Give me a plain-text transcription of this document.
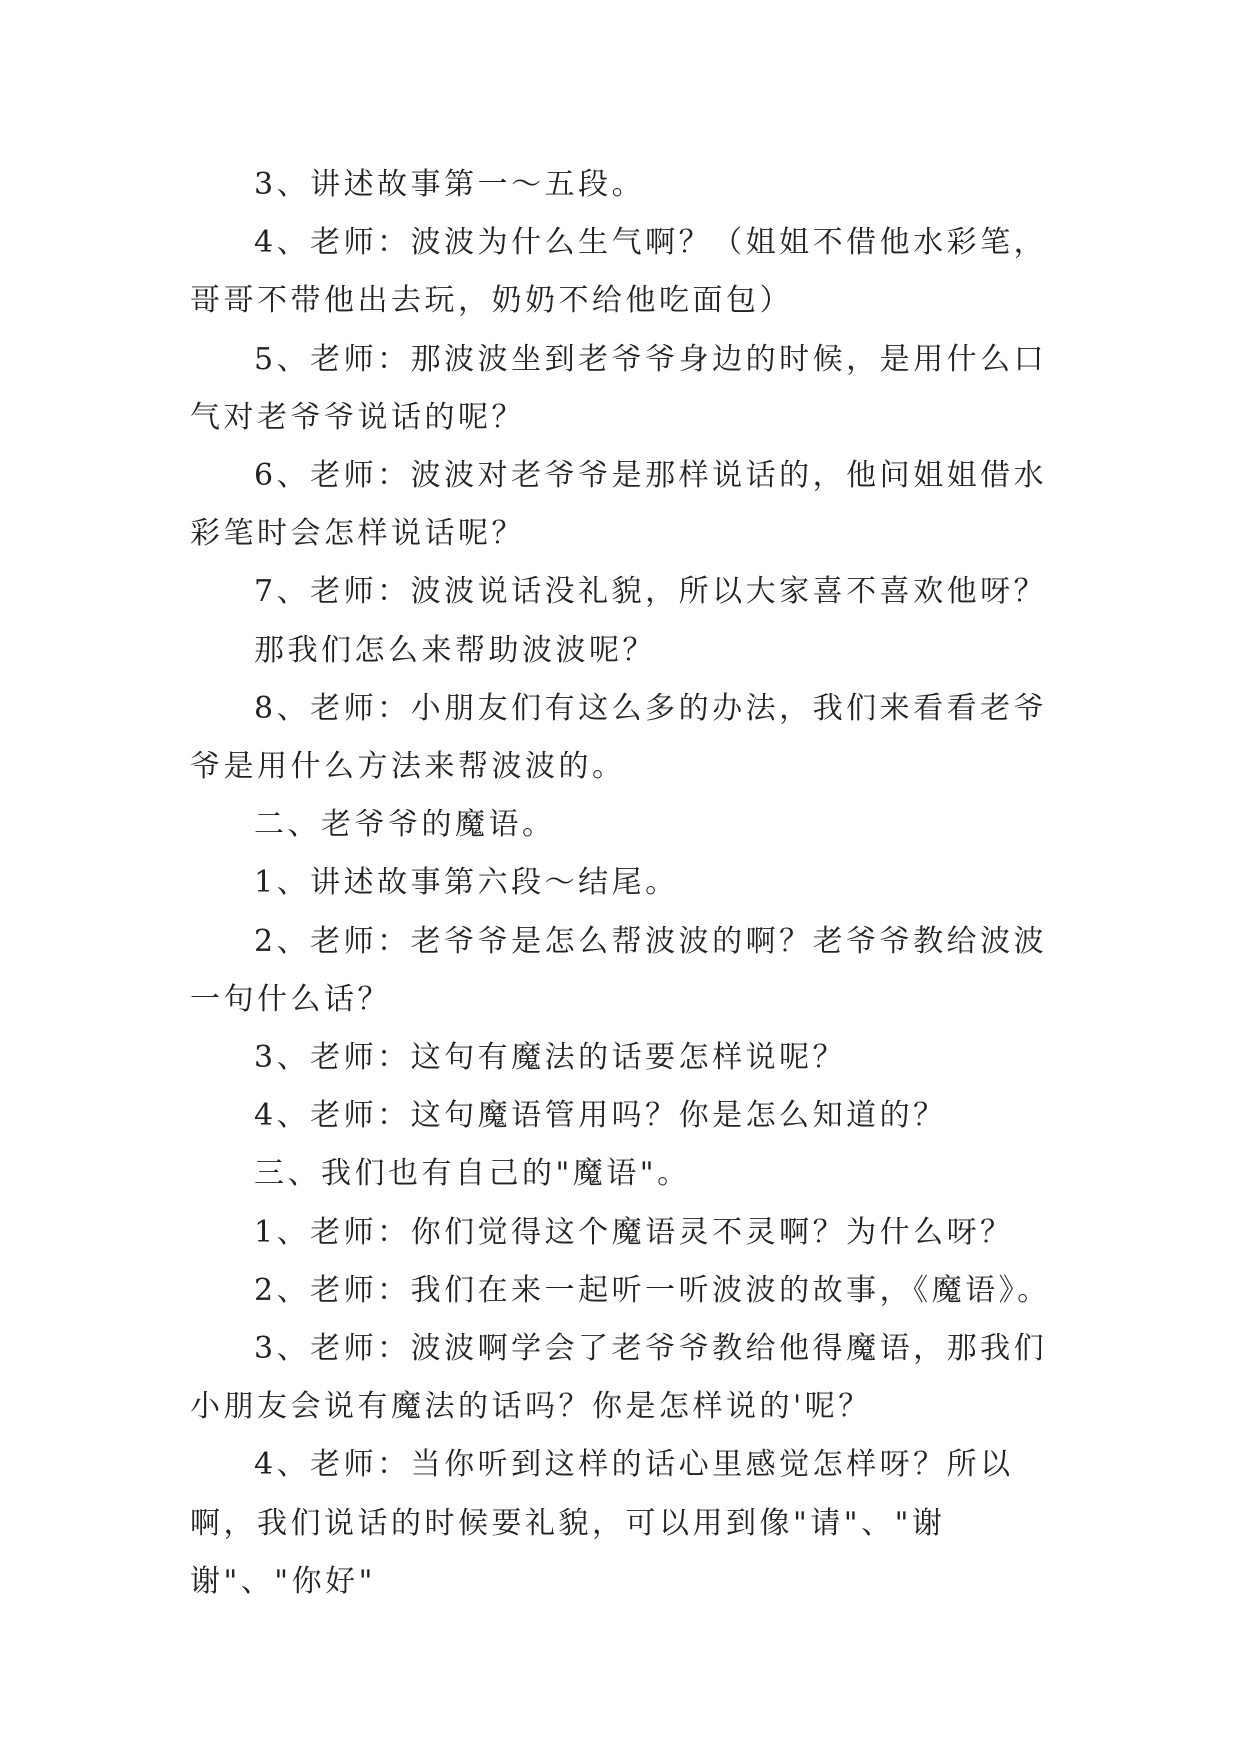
3、讲述故事第一～五段。

4、老师：波波为什么生气啊？（姐姐不借他水彩笔，哥哥不带他出去玩，奶奶不给他吃面包）

5、老师：那波波坐到老爷爷身边的时候，是用什么口气对老爷爷说话的呢？

6、老师：波波对老爷爷是那样说话的，他问姐姐借水彩笔时会怎样说话呢？

7、老师：波波说话没礼貌，所以大家喜不喜欢他呀？

那我们怎么来帮助波波呢？

8、老师：小朋友们有这么多的办法，我们来看看老爷爷是用什么方法来帮波波的。

二、老爷爷的魔语。

1、讲述故事第六段～结尾。

2、老师：老爷爷是怎么帮波波的啊？老爷爷教给波波一句什么话？

3、老师：这句有魔法的话要怎样说呢？

4、老师：这句魔语管用吗？你是怎么知道的？

三、我们也有自己的"魔语"。

1、老师：你们觉得这个魔语灵不灵啊？为什么呀？

2、老师：我们在来一起听一听波波的故事，《魔语》。

3、老师：波波啊学会了老爷爷教给他得魔语，那我们小朋友会说有魔法的话吗？你是怎样说的'呢？

4、老师：当你听到这样的话心里感觉怎样呀？所以啊，我们说话的时候要礼貌，可以用到像"请"、"谢谢"、"你好"
